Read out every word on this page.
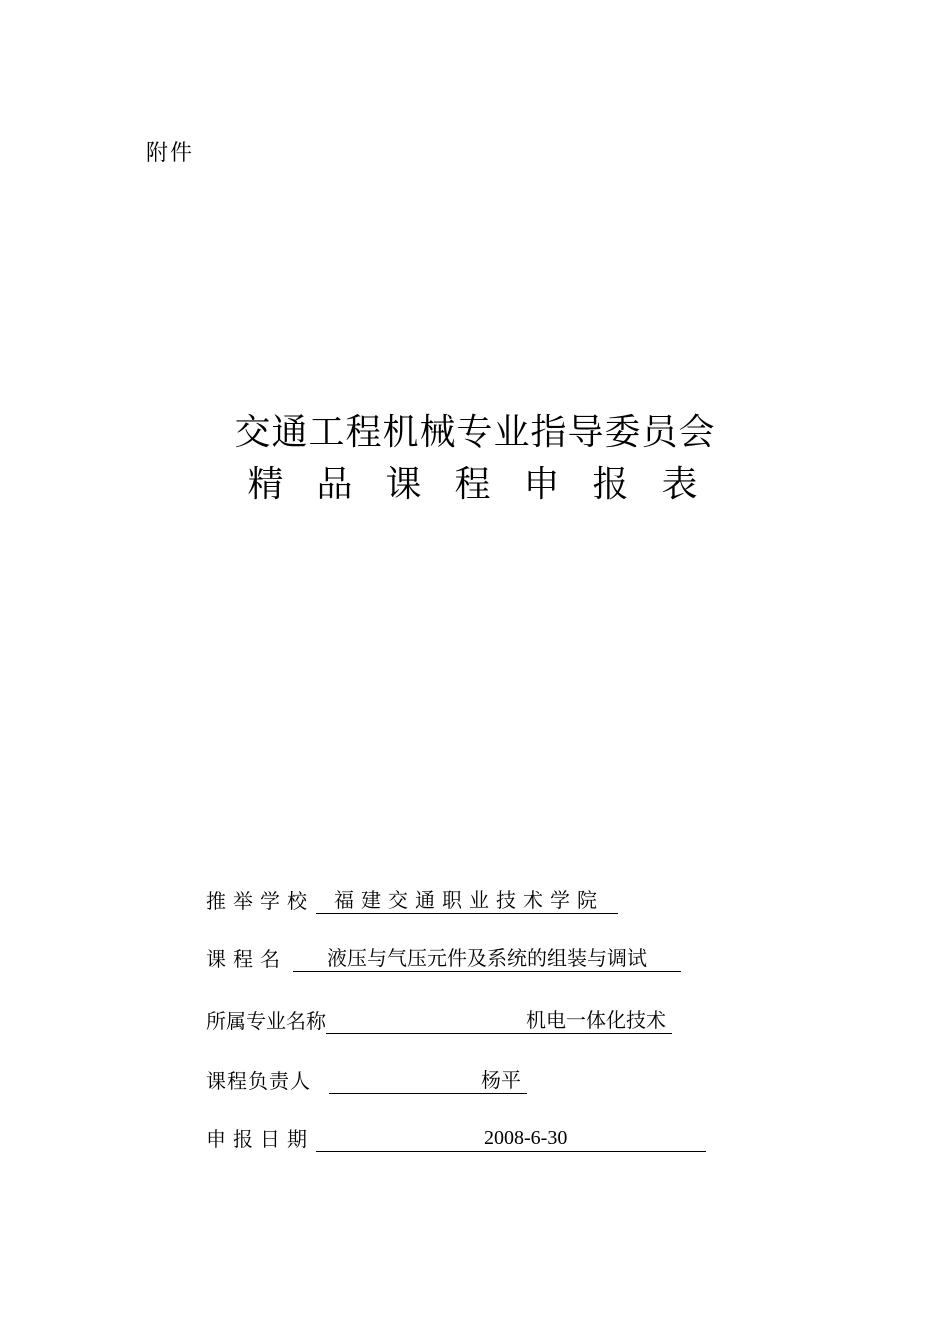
附件
交通工程机械专业指导委员会
精品课程申报表
推举学校 福建交通职业技术学院
课程名 液压与气压元件及系统的组装与调试
所属专业名称	机电一体化技术
课程负责人	杨平
申报日期	2008-6-30
